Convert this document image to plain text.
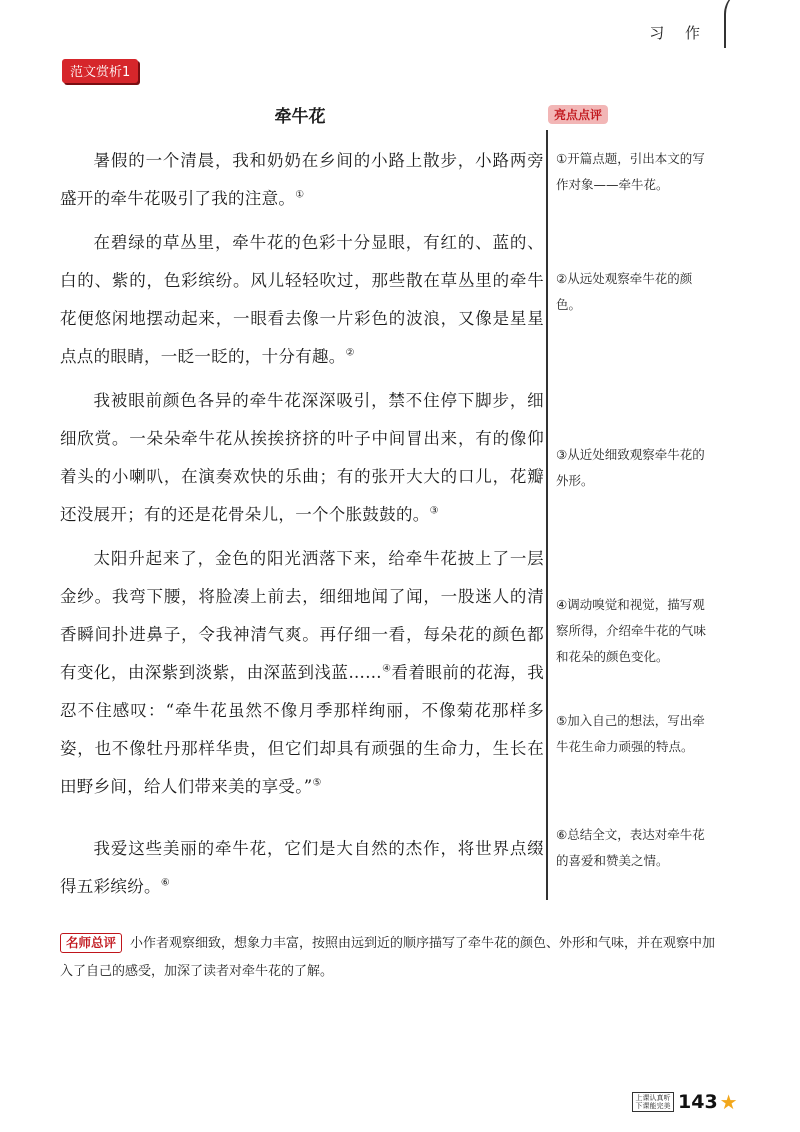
习 作
范文赏析1
牵牛花	亮点点评

暑假的一个清晨，我和奶奶在乡间的小路上散步，小路两旁盛开的牵牛花吸引了我的注意。①

在碧绿的草丛里，牵牛花的色彩十分显眼，有红的、蓝的、白的、紫的，色彩缤纷。风儿轻轻吹过，那些散在草丛里的牵牛花便悠闲地摆动起来，一眼看去像一片彩色的波浪，又像是星星点点的眼睛，一眨一眨的，十分有趣。②

我被眼前颜色各异的牵牛花深深吸引，禁不住停下脚步，细细欣赏。一朵朵牵牛花从挨挨挤挤的叶子中间冒出来，有的像仰着头的小喇叭，在演奏欢快的乐曲；有的张开大大的口儿，花瓣还没展开；有的还是花骨朵儿，一个个胀鼓鼓的。③

太阳升起来了，金色的阳光洒落下来，给牵牛花披上了一层金纱。我弯下腰，将脸凑上前去，细细地闻了闻，一股迷人的清香瞬间扑进鼻子，令我神清气爽。再仔细一看，每朵花的颜色都有变化，由深紫到淡紫，由深蓝到浅蓝……④看着眼前的花海，我忍不住感叹：“牵牛花虽然不像月季那样绚丽，不像菊花那样多姿，也不像牡丹那样华贵，但它们却具有顽强的生命力，生长在田野乡间，给人们带来美的享受。”⑤

我爱这些美丽的牵牛花，它们是大自然的杰作，将世界点缀得五彩缤纷。⑥

①开篇点题，引出本文的写作对象——牵牛花。
②从远处观察牵牛花的颜色。
③从近处细致观察牵牛花的外形。
④调动嗅觉和视觉，描写观察所得，介绍牵牛花的气味和花朵的颜色变化。
⑤加入自己的想法，写出牵牛花生命力顽强的特点。
⑥总结全文，表达对牵牛花的喜爱和赞美之情。
名师总评 小作者观察细致，想象力丰富，按照由远到近的顺序描写了牵牛花的颜色、外形和气味，并在观察中加入了自己的感受，加深了读者对牵牛花的了解。
上课认真听 下课能完美 143 ★
